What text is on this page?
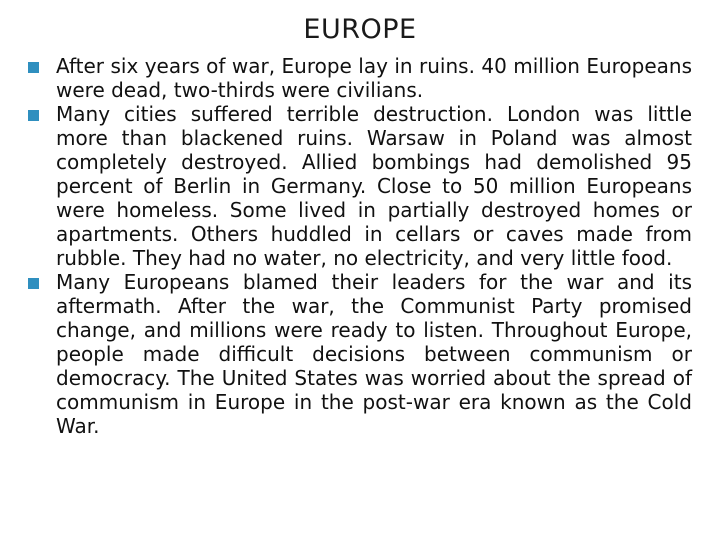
EUROPE
After six years of war, Europe lay in ruins. 40 million Europeans were dead, two-thirds were civilians.
Many cities suffered terrible destruction. London was little more than blackened ruins. Warsaw in Poland was almost completely destroyed. Allied bombings had demolished 95 percent of Berlin in Germany. Close to 50 million Europeans were homeless. Some lived in partially destroyed homes or apartments. Others huddled in cellars or caves made from rubble. They had no water, no electricity, and very little food.
Many Europeans blamed their leaders for the war and its aftermath. After the war, the Communist Party promised change, and millions were ready to listen. Throughout Europe, people made difficult decisions between communism or democracy. The United States was worried about the spread of communism in Europe in the post-war era known as the Cold War.
